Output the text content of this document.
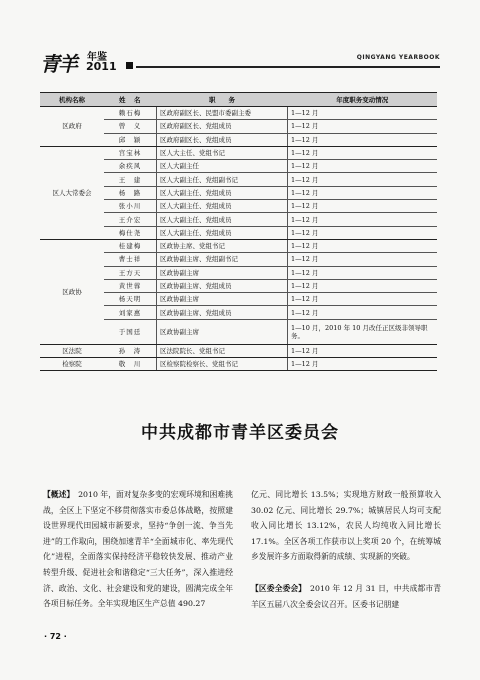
青羊 年鉴
2011
QINGYANG YEARBOOK
机构名称	姓　名	职　　务	年度职务变动情况
区政府	赖石梅	区政府副区长、民盟市委副主委	1—12 月
	曾　义	区政府副区长、党组成员	1—12 月
	邱　颖	区政府副区长、党组成员	1—12 月
区人大常委会	宫宝林	区人大主任、党组书记	1—12 月
	余疾风	区人大副主任	1—12 月
	王　建	区人大副主任、党组副书记	1—12 月
	杨　路	区人大副主任、党组成员	1—12 月
	张小川	区人大副主任、党组成员	1—12 月
	王介宏	区人大副主任、党组成员	1—12 月
	梅仕尧	区人大副主任、党组成员	1—12 月
区政协	桂建梅	区政协主席、党组书记	1—12 月
	曹士祥	区政协副主席、党组副书记	1—12 月
	王方天	区政协副主席	1—12 月
	黄世蓉	区政协副主席、党组成员	1—12 月
	杨天明	区政协副主席	1—12 月
	刘家惠	区政协副主席、党组成员	1—12 月
	于国廷	区政协副主席	1—10 月，2010 年 10 月改任正区级非领导职务。
区法院	孙　涛	区法院院长、党组书记	1—12 月
检察院	敬　川	区检察院检察长、党组书记	1—12 月
中共成都市青羊区委员会

【概述】　2010 年，面对复杂多变的宏观环境和困难挑战，全区上下坚定不移贯彻落实市委总体战略，按照建设世界现代田园城市新要求，坚持“争创一流、争当先进”的工作取向，围绕加速青羊“全面城市化、率先现代化”进程，全面落实保持经济平稳较快发展、推动产业转型升级、促进社会和谐稳定“三大任务”，深入推进经济、政治、文化、社会建设和党的建设，圆满完成全年各项目标任务。全年实现地区生产总值 490.27

亿元、同比增长 13.5%；实现地方财政一般预算收入 30.02 亿元、同比增长 29.7%；城镇居民人均可支配收入同比增长 13.12%，农民人均纯收入同比增长 17.1%。全区各项工作获市以上奖项 20 个，在统筹城乡发展许多方面取得新的成绩、实现新的突破。

【区委全委会】　2010 年 12 月 31 日，中共成都市青羊区五届八次全委会议召开。区委书记朋建

· 72 ·
